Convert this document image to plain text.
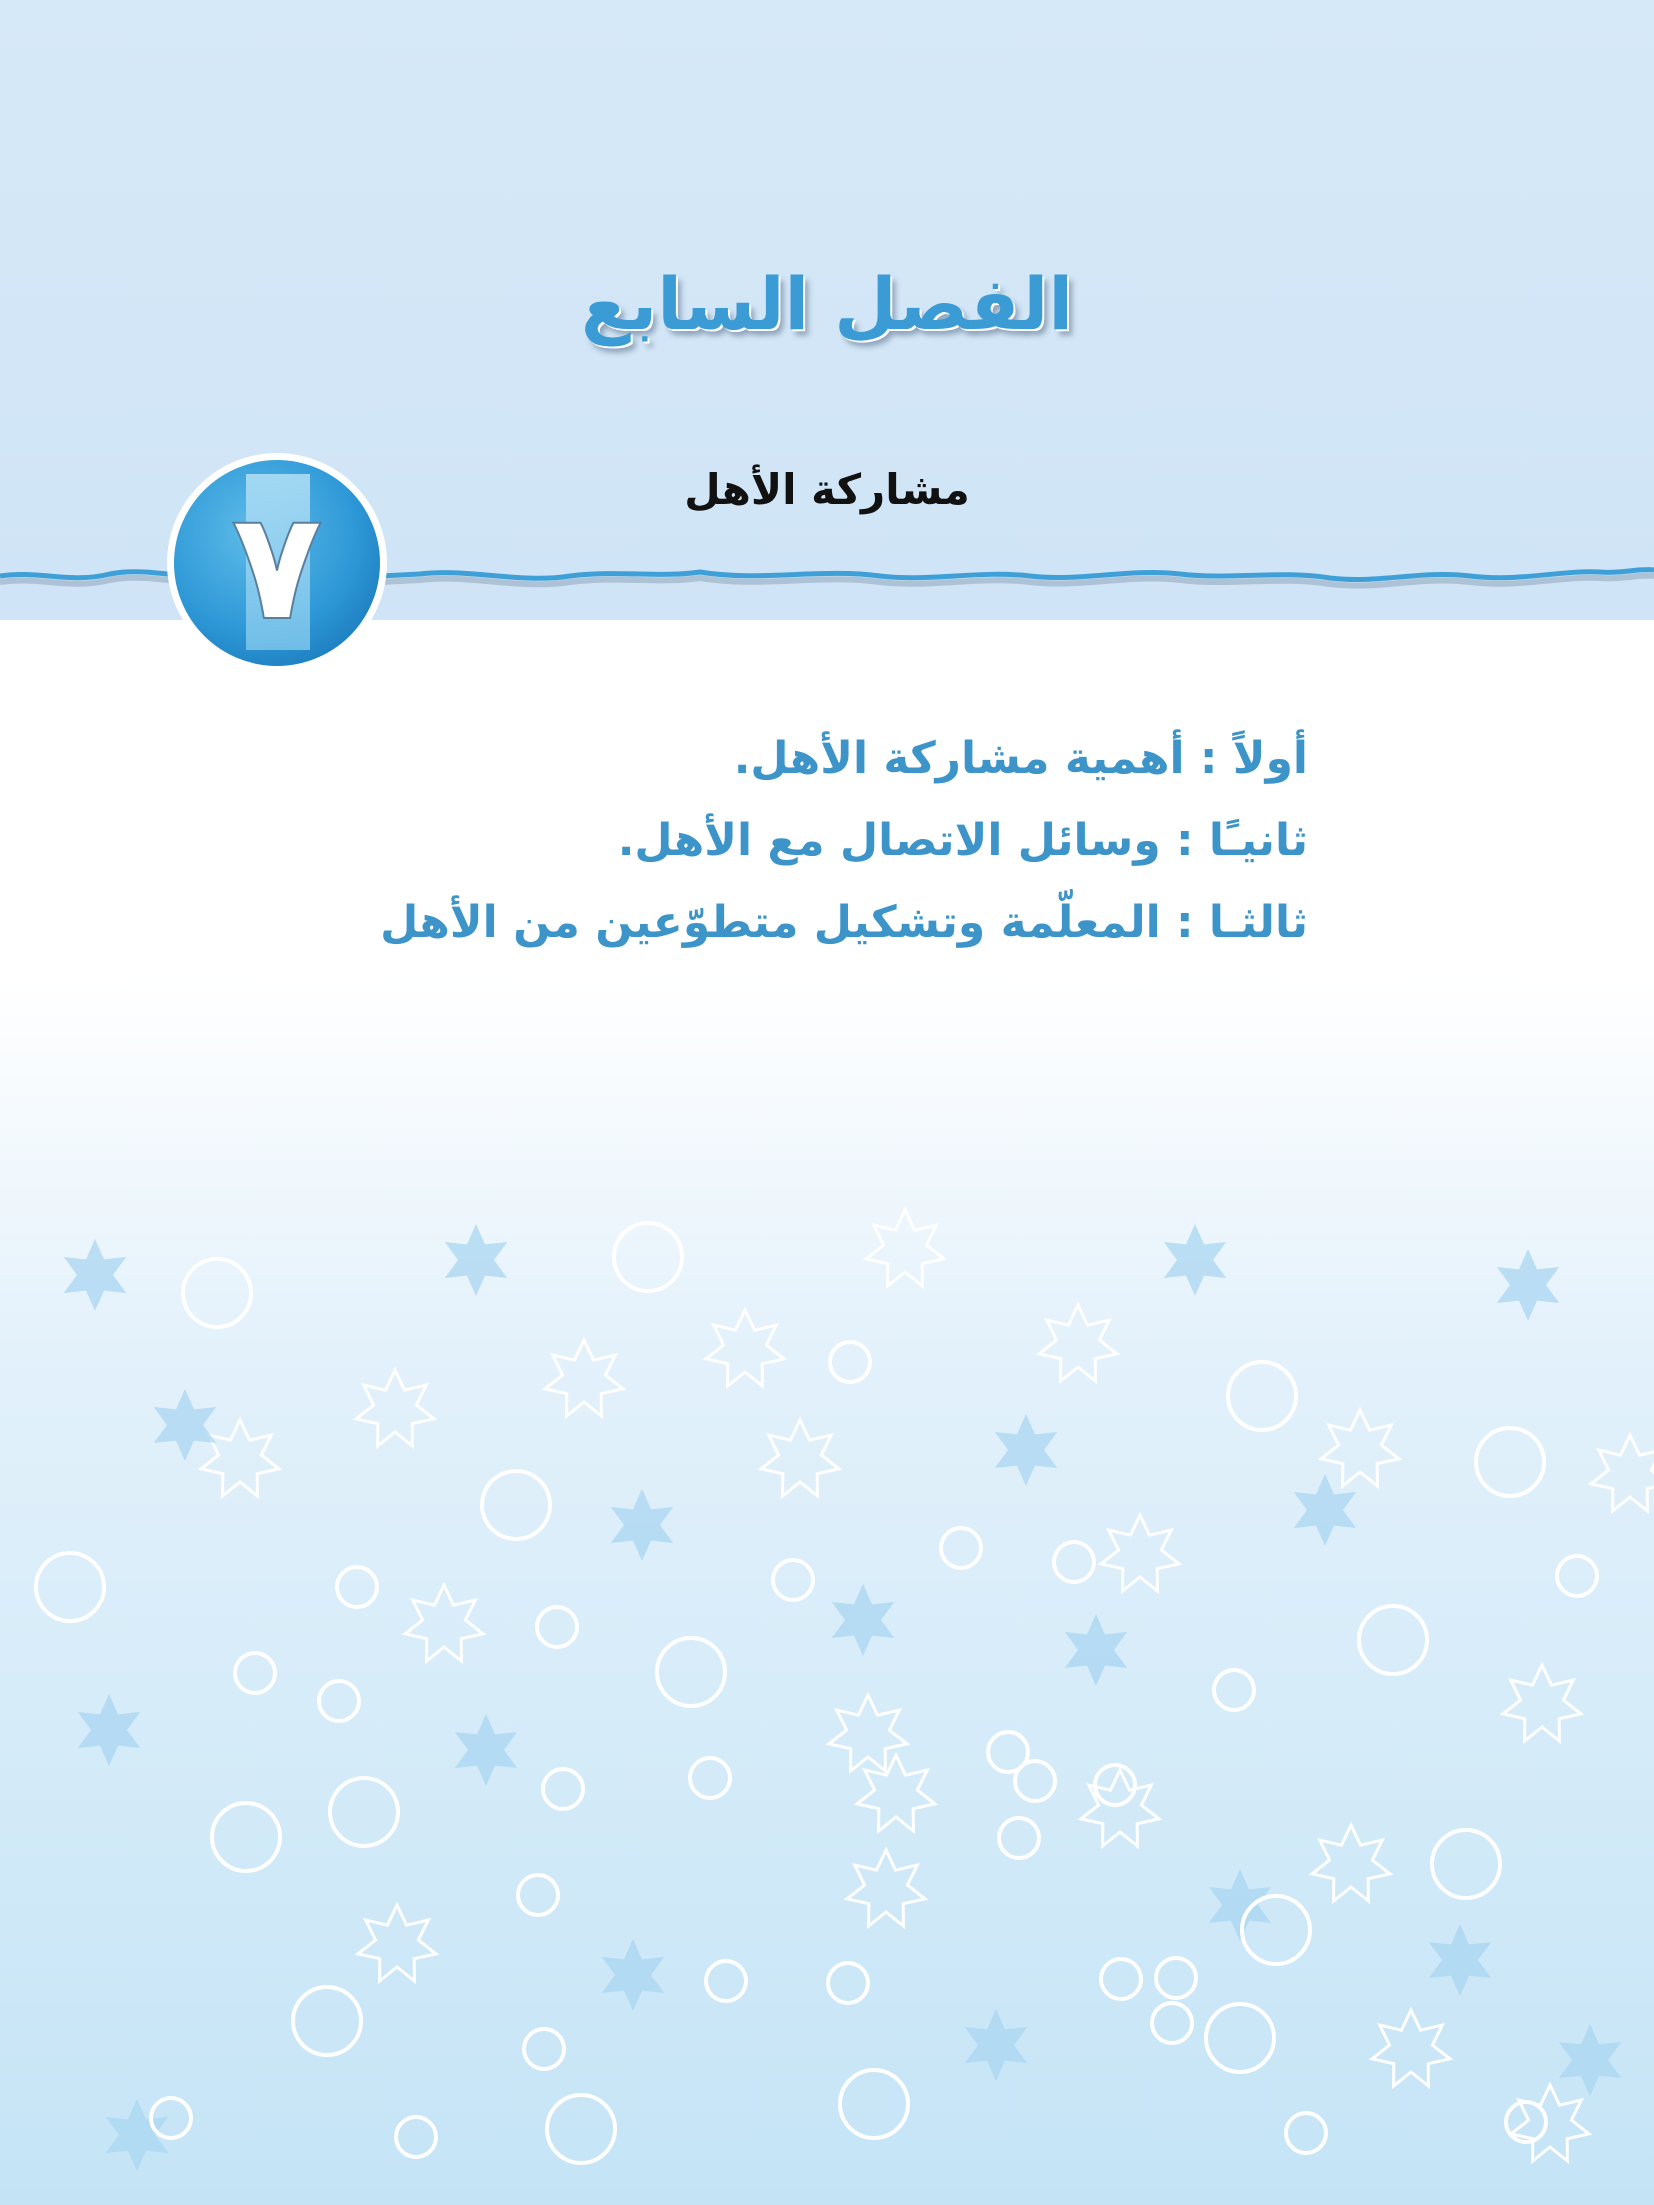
الفصل السابع
مشاركة الأهل
٧
أولاً : أهمية مشاركة الأهل.
ثانيـًا : وسائل الاتصال مع الأهل.
ثالثـا : المعلّمة وتشكيل متطوّعين من الأهل
